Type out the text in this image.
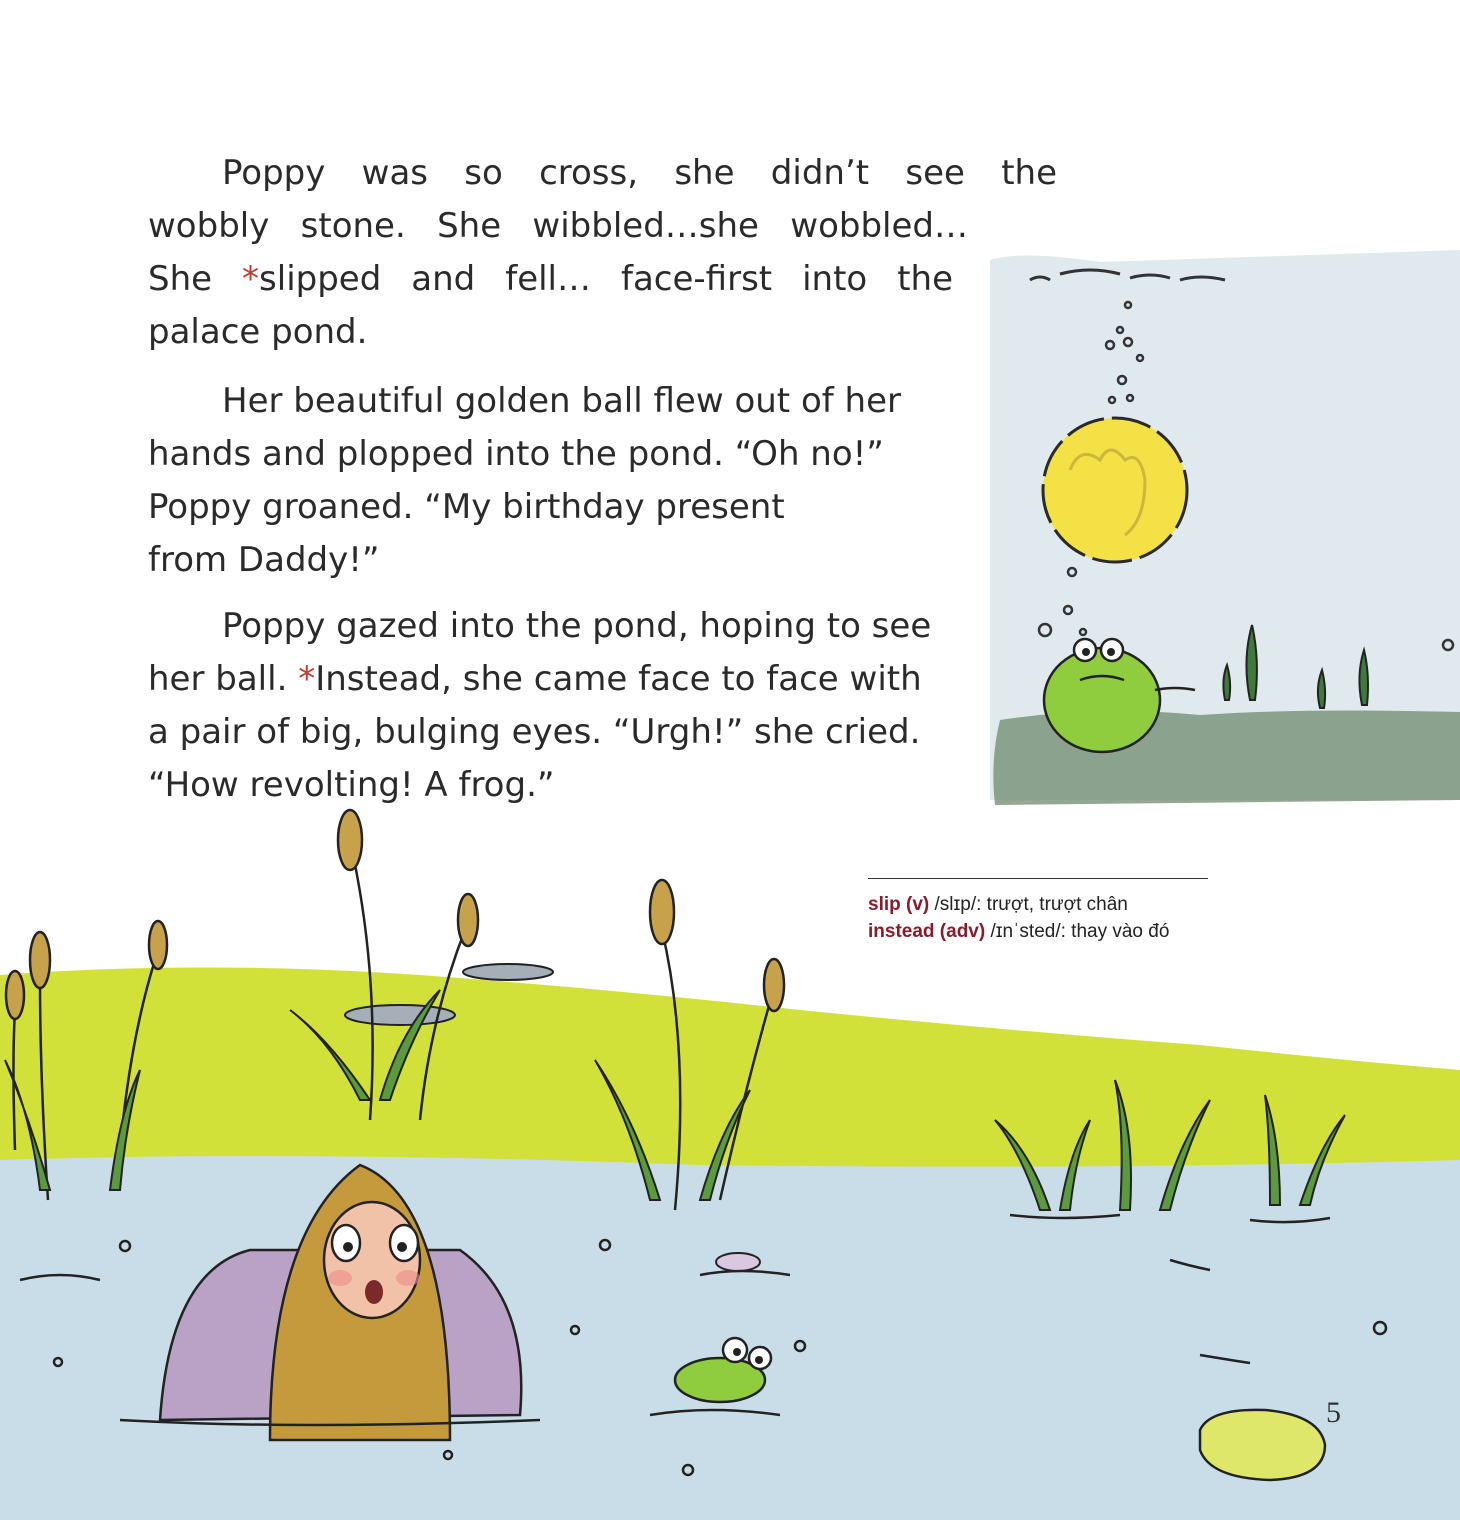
Poppy was so cross, she didn’t see the
wobbly stone. She wibbled…she wobbled…
She *slipped and fell… face-first into the
palace pond.
Her beautiful golden ball flew out of her
hands and plopped into the pond. “Oh no!”
Poppy groaned. “My birthday present
from Daddy!”
Poppy gazed into the pond, hoping to see
her ball. *Instead, she came face to face with
a pair of big, bulging eyes. “Urgh!” she cried.
“How revolting! A frog.”
slip (v) /slɪp/: trượt, trượt chân
instead (adv) /ɪnˈsted/: thay vào đó
5
